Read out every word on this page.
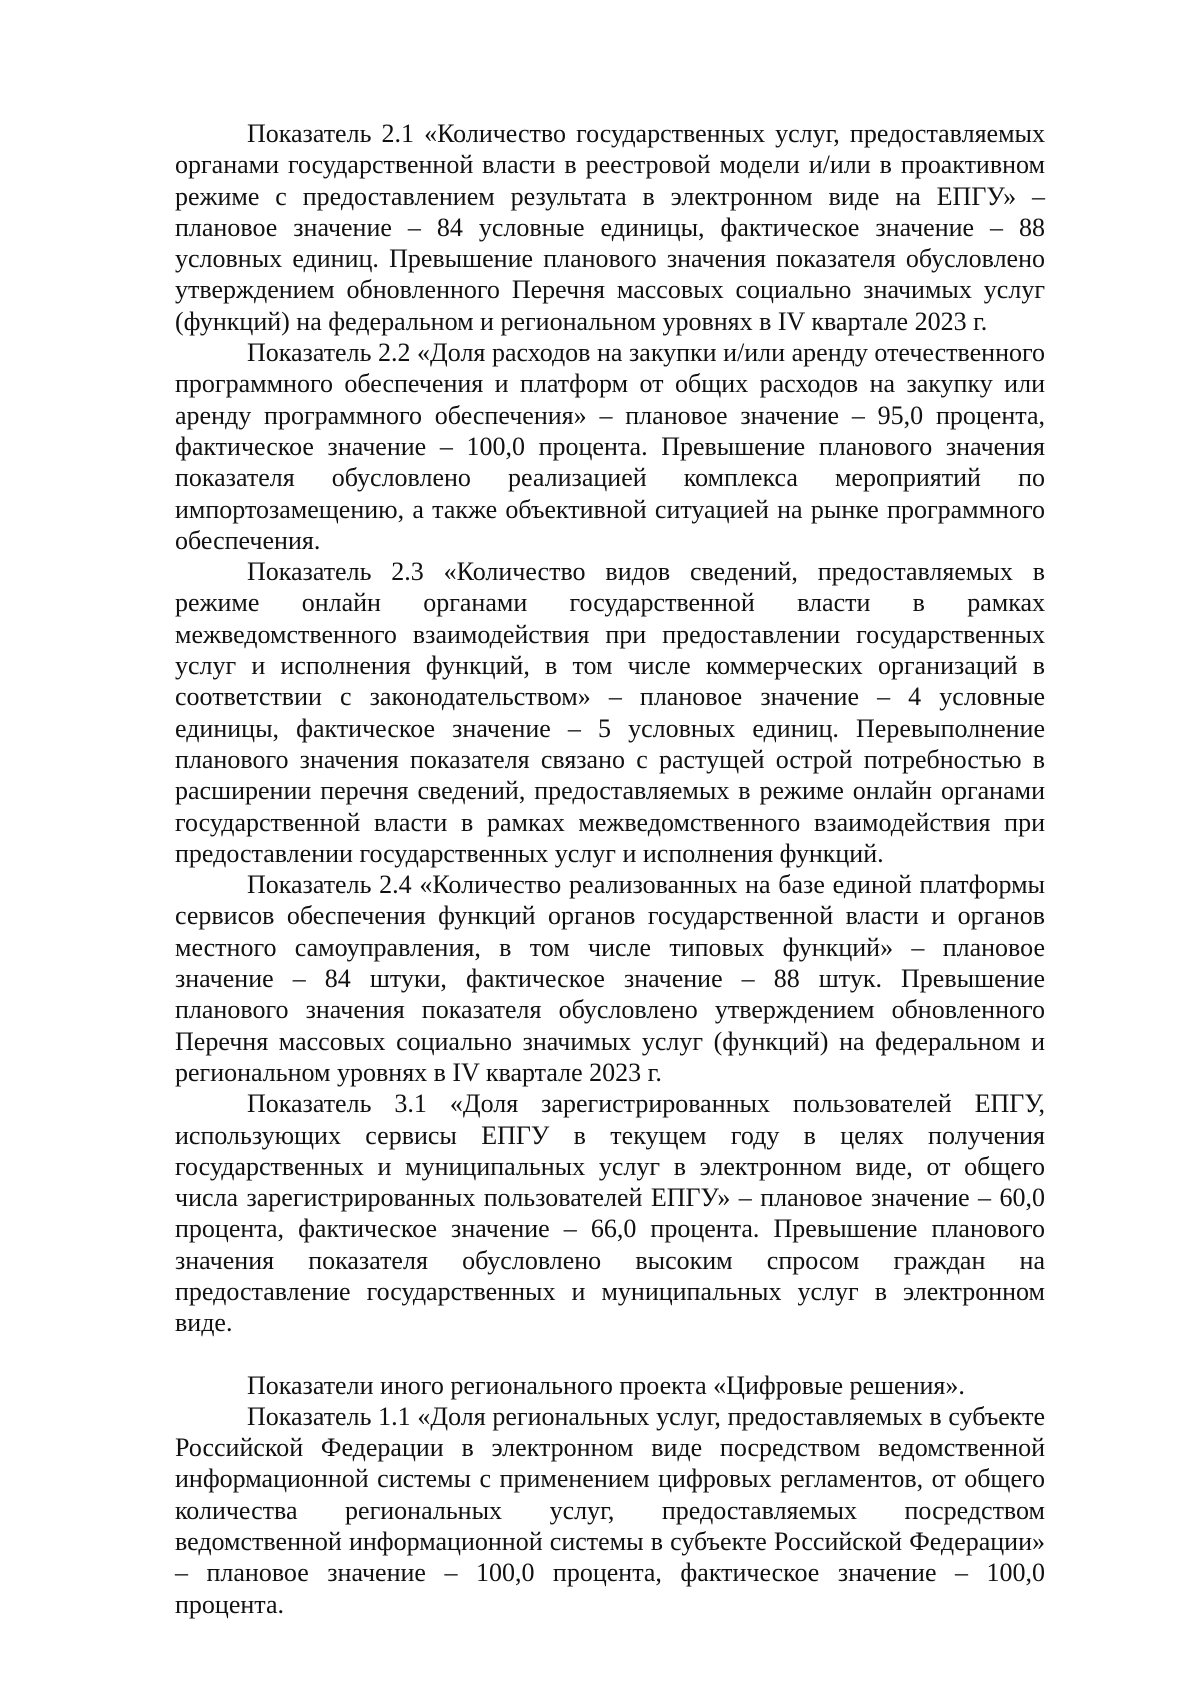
Показатель 2.1 «Количество государственных услуг, предоставляемых органами государственной власти в реестровой модели и/или в проактивном режиме с предоставлением результата в электронном виде на ЕПГУ» – плановое значение – 84 условные единицы, фактическое значение – 88 условных единиц. Превышение планового значения показателя обусловлено утверждением обновленного Перечня массовых социально значимых услуг (функций) на федеральном и региональном уровнях в IV квартале 2023 г.

Показатель 2.2 «Доля расходов на закупки и/или аренду отечественного программного обеспечения и платформ от общих расходов на закупку или аренду программного обеспечения» – плановое значение – 95,0 процента, фактическое значение – 100,0 процента. Превышение планового значения показателя обусловлено реализацией комплекса мероприятий по импортозамещению, а также объективной ситуацией на рынке программного обеспечения.

Показатель 2.3 «Количество видов сведений, предоставляемых в режиме онлайн органами государственной власти в рамках межведомственного взаимодействия при предоставлении государственных услуг и исполнения функций, в том числе коммерческих организаций в соответствии с законодательством» – плановое значение – 4 условные единицы, фактическое значение – 5 условных единиц. Перевыполнение планового значения показателя связано с растущей острой потребностью в расширении перечня сведений, предоставляемых в режиме онлайн органами государственной власти в рамках межведомственного взаимодействия при предоставлении государственных услуг и исполнения функций.

Показатель 2.4 «Количество реализованных на базе единой платформы сервисов обеспечения функций органов государственной власти и органов местного самоуправления, в том числе типовых функций» – плановое значение – 84 штуки, фактическое значение – 88 штук. Превышение планового значения показателя обусловлено утверждением обновленного Перечня массовых социально значимых услуг (функций) на федеральном и региональном уровнях в IV квартале 2023 г.

Показатель 3.1 «Доля зарегистрированных пользователей ЕПГУ, использующих сервисы ЕПГУ в текущем году в целях получения государственных и муниципальных услуг в электронном виде, от общего числа зарегистрированных пользователей ЕПГУ» – плановое значение – 60,0 процента, фактическое значение – 66,0 процента. Превышение планового значения показателя обусловлено высоким спросом граждан на предоставление государственных и муниципальных услуг в электронном виде.

Показатели иного регионального проекта «Цифровые решения».

Показатель 1.1 «Доля региональных услуг, предоставляемых в субъекте Российской Федерации в электронном виде посредством ведомственной информационной системы с применением цифровых регламентов, от общего количества региональных услуг, предоставляемых посредством ведомственной информационной системы в субъекте Российской Федерации» – плановое значение – 100,0 процента, фактическое значение – 100,0 процента.
